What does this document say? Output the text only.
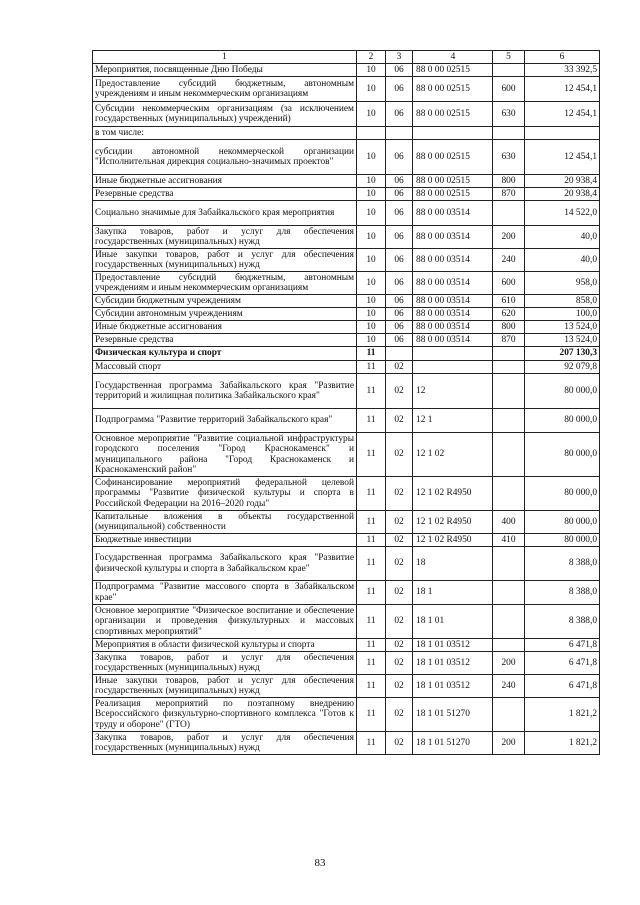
1	2	3	4	5	6
Мероприятия, посвященные Дню Победы	10	06	88 0 00 02515		33 392,5
Предоставление субсидий бюджетным, автономным учреждениям и иным некоммерческим организациям	10	06	88 0 00 02515	600	12 454,1
Субсидии некоммерческим организациям (за исключением государственных (муниципальных) учреждений)	10	06	88 0 00 02515	630	12 454,1
в том числе:					
субсидии автономной некоммерческой организации "Исполнительная дирекция социально-значимых проектов"	10	06	88 0 00 02515	630	12 454,1
Иные бюджетные ассигнования	10	06	88 0 00 02515	800	20 938,4
Резервные средства	10	06	88 0 00 02515	870	20 938,4
Социально значимые для Забайкальского края мероприятия	10	06	88 0 00 03514		14 522,0
Закупка товаров, работ и услуг для обеспечения государственных (муниципальных) нужд	10	06	88 0 00 03514	200	40,0
Иные закупки товаров, работ и услуг для обеспечения государственных (муниципальных) нужд	10	06	88 0 00 03514	240	40,0
Предоставление субсидий бюджетным, автономным учреждениям и иным некоммерческим организациям	10	06	88 0 00 03514	600	958,0
Субсидии бюджетным учреждениям	10	06	88 0 00 03514	610	858,0
Субсидии автономным учреждениям	10	06	88 0 00 03514	620	100,0
Иные бюджетные ассигнования	10	06	88 0 00 03514	800	13 524,0
Резервные средства	10	06	88 0 00 03514	870	13 524,0
Физическая культура и спорт	11				207 130,3
Массовый спорт	11	02			92 079,8
Государственная программа Забайкальского края "Развитие территорий и жилищная политика Забайкальского края"	11	02	12		80 000,0
Подпрограмма "Развитие территорий Забайкальского края"	11	02	12 1		80 000,0
Основное мероприятие "Развитие социальной инфраструктуры городского поселения "Город Краснокаменск" и муниципального района "Город Краснокаменск и Краснокаменский район"	11	02	12 1 02		80 000,0
Софинансирование мероприятий федеральной целевой программы "Развитие физической культуры и спорта в Российской Федерации на 2016–2020 годы"	11	02	12 1 02 R4950		80 000,0
Капитальные вложения в объекты государственной (муниципальной) собственности	11	02	12 1 02 R4950	400	80 000,0
Бюджетные инвестиции	11	02	12 1 02 R4950	410	80 000,0
Государственная программа Забайкальского края "Развитие физической культуры и спорта в Забайкальском крае"	11	02	18		8 388,0
Подпрограмма "Развитие массового спорта в Забайкальском крае"	11	02	18 1		8 388,0
Основное мероприятие "Физическое воспитание и обеспечение организации и проведения физкультурных и массовых спортивных мероприятий"	11	02	18 1 01		8 388,0
Мероприятия в области физической культуры и спорта	11	02	18 1 01 03512		6 471,8
Закупка товаров, работ и услуг для обеспечения государственных (муниципальных) нужд	11	02	18 1 01 03512	200	6 471,8
Иные закупки товаров, работ и услуг для обеспечения государственных (муниципальных) нужд	11	02	18 1 01 03512	240	6 471,8
Реализация мероприятий по поэтапному внедрению Всероссийского физкультурно-спортивного комплекса "Готов к труду и обороне" (ГТО)	11	02	18 1 01 51270		1 821,2
Закупка товаров, работ и услуг для обеспечения государственных (муниципальных) нужд	11	02	18 1 01 51270	200	1 821,2
83
